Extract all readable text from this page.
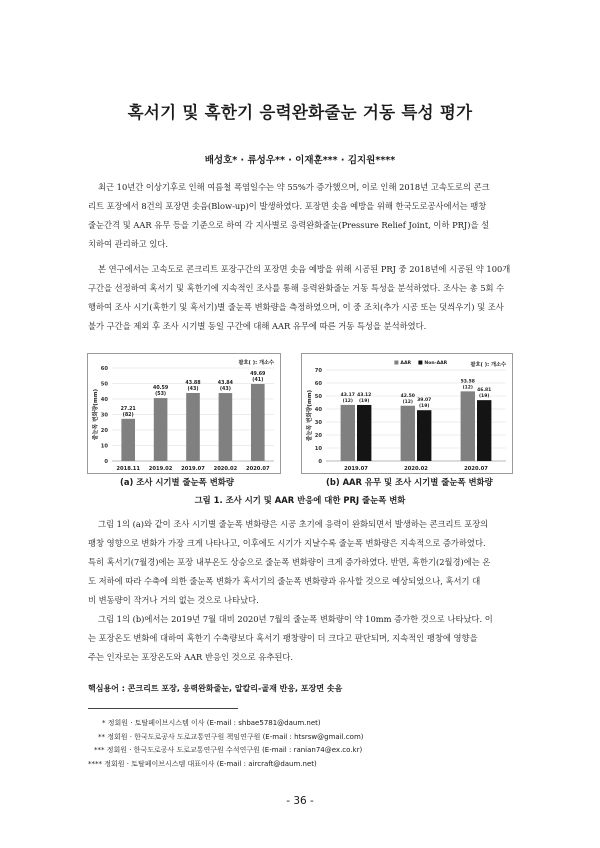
혹서기 및 혹한기 응력완화줄눈 거동 특성 평가
배성호* · 류성우** · 이재훈*** · 김지원****
최근 10년간 이상기후로 인해 여름철 폭염일수는 약 55%가 증가했으며, 이로 인해 2018년 고속도로의 콘크
리트 포장에서 8건의 포장면 솟음(Blow-up)이 발생하였다. 포장면 솟음 예방을 위해 한국도로공사에서는 팽창
줄눈간격 및 AAR 유무 등을 기준으로 하여 각 지사별로 응력완화줄눈(Pressure Relief Joint, 이하 PRJ)을 설
치하여 관리하고 있다.
본 연구에서는 고속도로 콘크리트 포장구간의 포장면 솟음 예방을 위해 시공된 PRJ 중 2018년에 시공된 약 100개
구간을 선정하여 혹서기 및 혹한기에 지속적인 조사를 통해 응력완화줄눈 거동 특성을 분석하였다. 조사는 총 5회 수
행하여 조사 시기(혹한기 및 혹서기)별 줄눈폭 변화량을 측정하였으며, 이 중 조치(추가 시공 또는 덧씌우기) 및 조사
불가 구간을 제외 후 조사 시기별 동일 구간에 대해 AAR 유무에 따른 거동 특성을 분석하였다.
0
10
20
30
40
50
60
줄눈폭 변화량(mm)
괄호( ): 개소수
27.21
(82)
2018.11
40.59
(53)
2019.02
43.88
(43)
2019.07
43.84
(43)
2020.02
49.69
(41)
2020.07
0
10
20
30
40
50
60
70
줄눈폭 변화량(mm)
괄호( ): 개소수
43.17
(12)
43.12
(19)
2019.07
42.50
(12) 39.07
(19)
2020.02
53.58
(12)
46.81
(19)
2020.07
AAR	Non-AAR
(a) 조사 시기별 줄눈폭 변화량	(b) AAR 유무 및 조사 시기별 줄눈폭 변화량
그림 1. 조사 시기 및 AAR 반응에 대한 PRJ 줄눈폭 변화
그림 1의 (a)와 같이 조사 시기별 줄눈폭 변화량은 시공 초기에 응력이 완화되면서 발생하는 콘크리트 포장의
팽창 영향으로 변화가 가장 크게 나타나고, 이후에도 시기가 지날수록 줄눈폭 변화량은 지속적으로 증가하였다.
특히 혹서기(7월경)에는 포장 내부온도 상승으로 줄눈폭 변화량이 크게 증가하였다. 반면, 혹한기(2월경)에는 온
도 저하에 따라 수축에 의한 줄눈폭 변화가 혹서기의 줄눈폭 변화량과 유사할 것으로 예상되었으나, 혹서기 대
비 변동량이 작거나 거의 없는 것으로 나타났다.
그림 1의 (b)에서는 2019년 7월 대비 2020년 7월의 줄눈폭 변화량이 약 10mm 증가한 것으로 나타났다. 이
는 포장온도 변화에 대하여 혹한기 수축량보다 혹서기 팽창량이 더 크다고 판단되며, 지속적인 팽창에 영향을
주는 인자로는 포장온도와 AAR 반응인 것으로 유추된다.
핵심용어 : 콘크리트 포장, 응력완화줄눈, 알칼리-골재 반응, 포장면 솟음
* 정회원 · 토탈페이브시스템 이사 (E-mail : shbae5781@daum.net)
** 정회원 · 한국도로공사 도로교통연구원 책임연구원 (E-mail : htsrsw@gmail.com)
*** 정회원 · 한국도로공사 도로교통연구원 수석연구원 (E-mail : ranian74@ex.co.kr)
**** 정회원 · 토탈페이브시스템 대표이사 (E-mail : aircraft@daum.net)
- 36 -
